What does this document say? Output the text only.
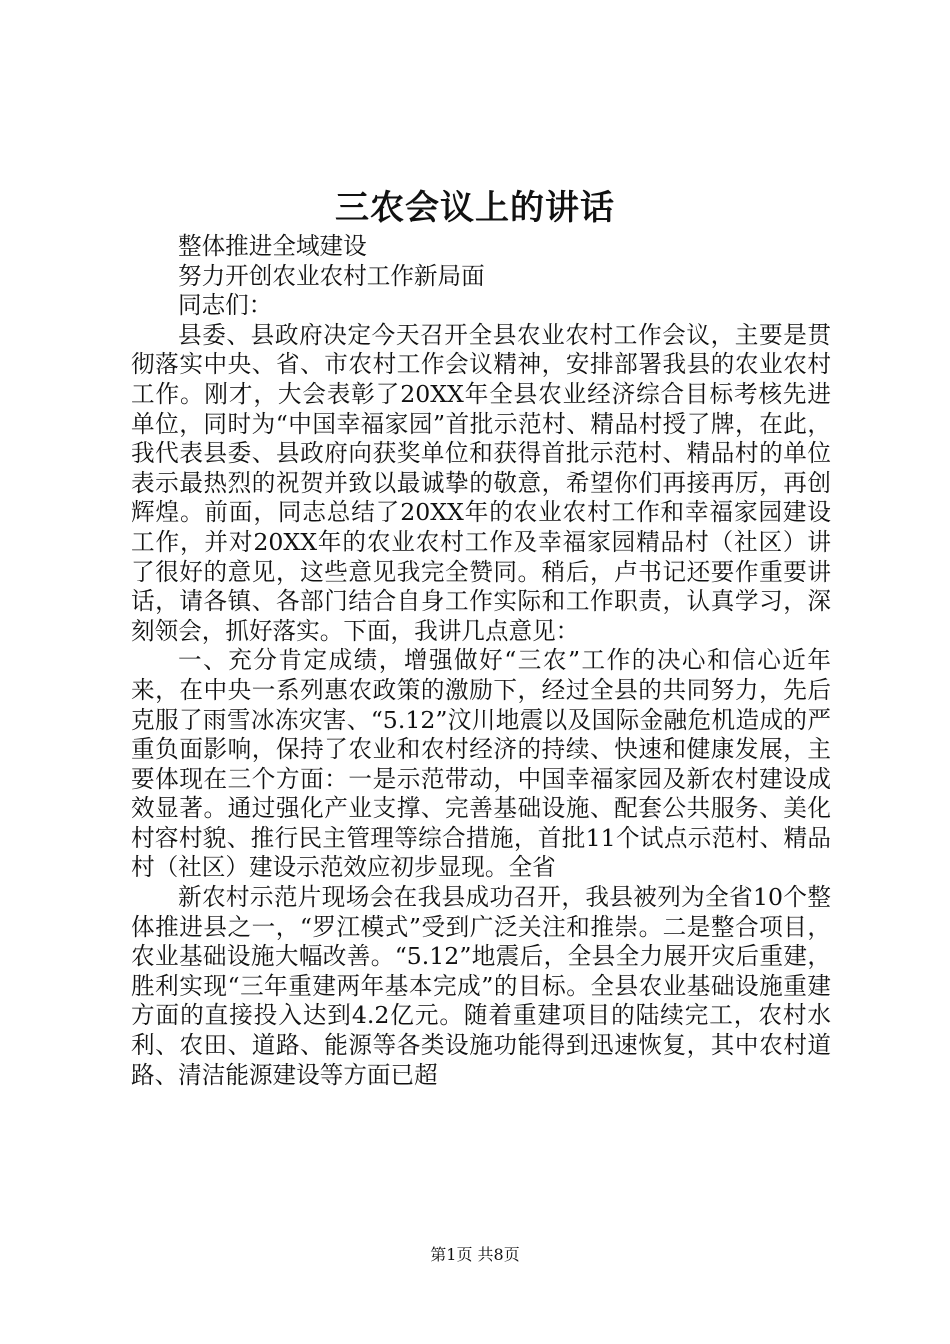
三农会议上的讲话

整体推进全域建设

努力开创农业农村工作新局面

同志们：

县委、县政府决定今天召开全县农业农村工作会议，主要是贯彻落实中央、省、市农村工作会议精神，安排部署我县的农业农村工作。刚才，大会表彰了20XX年全县农业经济综合目标考核先进单位，同时为“中国幸福家园”首批示范村、精品村授了牌，在此，我代表县委、县政府向获奖单位和获得首批示范村、精品村的单位表示最热烈的祝贺并致以最诚挚的敬意，希望你们再接再厉，再创辉煌。前面，同志总结了20XX年的农业农村工作和幸福家园建设工作，并对20XX年的农业农村工作及幸福家园精品村（社区）讲了很好的意见，这些意见我完全赞同。稍后，卢书记还要作重要讲话，请各镇、各部门结合自身工作实际和工作职责，认真学习，深刻领会，抓好落实。下面，我讲几点意见：

一、充分肯定成绩，增强做好“三农”工作的决心和信心近年来，在中央一系列惠农政策的激励下，经过全县的共同努力，先后克服了雨雪冰冻灾害、“5.12”汶川地震以及国际金融危机造成的严重负面影响，保持了农业和农村经济的持续、快速和健康发展，主要体现在三个方面：一是示范带动，中国幸福家园及新农村建设成效显著。通过强化产业支撑、完善基础设施、配套公共服务、美化村容村貌、推行民主管理等综合措施，首批11个试点示范村、精品村（社区）建设示范效应初步显现。全省

新农村示范片现场会在我县成功召开，我县被列为全省10个整体推进县之一，“罗江模式”受到广泛关注和推崇。二是整合项目，农业基础设施大幅改善。“5.12”地震后，全县全力展开灾后重建，胜利实现“三年重建两年基本完成”的目标。全县农业基础设施重建方面的直接投入达到4.2亿元。随着重建项目的陆续完工，农村水利、农田、道路、能源等各类设施功能得到迅速恢复，其中农村道路、清洁能源建设等方面已超

第1页 共8页
